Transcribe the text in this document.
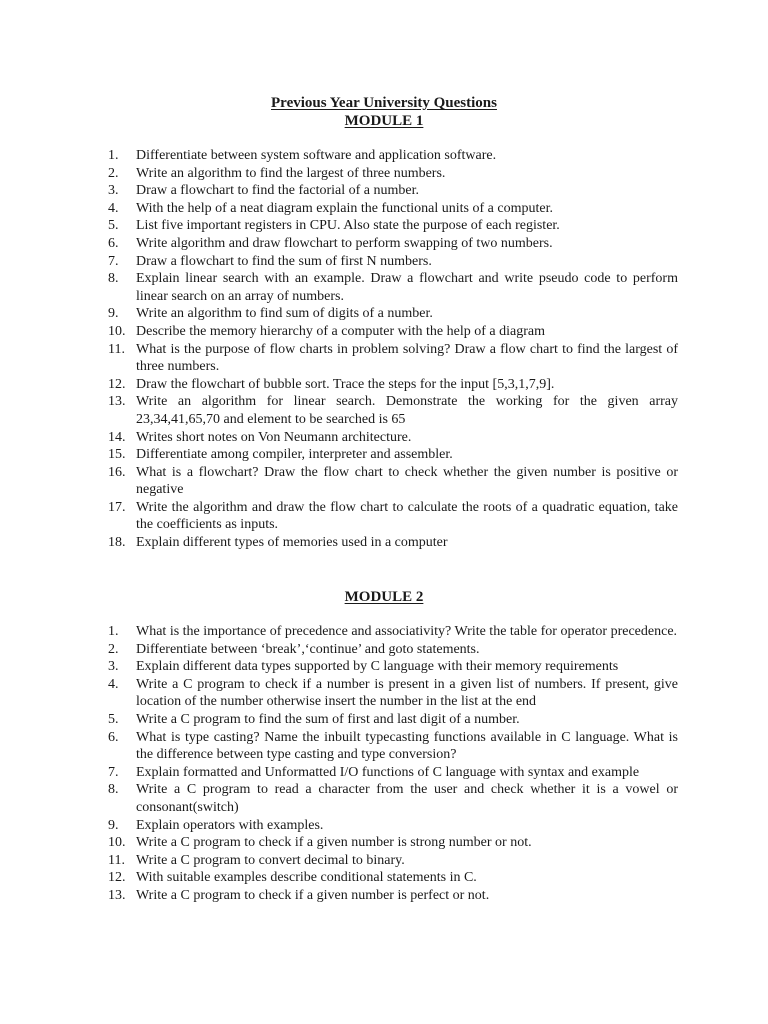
Previous Year University Questions
MODULE 1
1.	Differentiate between system software and application software.
2.	Write an algorithm to find the largest of three numbers.
3.	Draw a flowchart to find the factorial of a number.
4.	With the help of a neat diagram explain the functional units of a computer.
5.	List five important registers in CPU. Also state the purpose of each register.
6.	Write algorithm and draw flowchart to perform swapping of two numbers.
7.	Draw a flowchart to find the sum of first N numbers.
8.	Explain linear search with an example. Draw a flowchart and write pseudo code to perform linear search on an array of numbers.
9.	Write an algorithm to find sum of digits of a number.
10. Describe the memory hierarchy of a computer with the help of a diagram
11. What is the purpose of flow charts in problem solving? Draw a flow chart to find the largest of three numbers.
12. Draw the flowchart of bubble sort. Trace the steps for the input [5,3,1,7,9].
13. Write an algorithm for linear search. Demonstrate the working for the given array 23,34,41,65,70 and element to be searched is 65
14. Writes short notes on Von Neumann architecture.
15. Differentiate among compiler, interpreter and assembler.
16. What is a flowchart? Draw the flow chart to check whether the given number is positive or negative
17. Write the algorithm and draw the flow chart to calculate the roots of a quadratic equation, take the coefficients as inputs.
18. Explain different types of memories used in a computer
MODULE 2
1.	What is the importance of precedence and associativity? Write the table for operator precedence.
2.	Differentiate between ‘break’,‘continue’ and goto statements.
3.	Explain different data types supported by C language with their memory requirements
4.	Write a C program to check if a number is present in a given list of numbers. If present, give location of the number otherwise insert the number in the list at the end
5.	Write a C program to find the sum of first and last digit of a number.
6.	What is type casting? Name the inbuilt typecasting functions available in C language. What is the difference between type casting and type conversion?
7.	Explain formatted and Unformatted I/O functions of C language with syntax and example
8.	Write a C program to read a character from the user and check whether it is a vowel or consonant(switch)
9.	Explain operators with examples.
10. Write a C program to check if a given number is strong number or not.
11. Write a C program to convert decimal to binary.
12. With suitable examples describe conditional statements in C.
13. Write a C program to check if a given number is perfect or not.
